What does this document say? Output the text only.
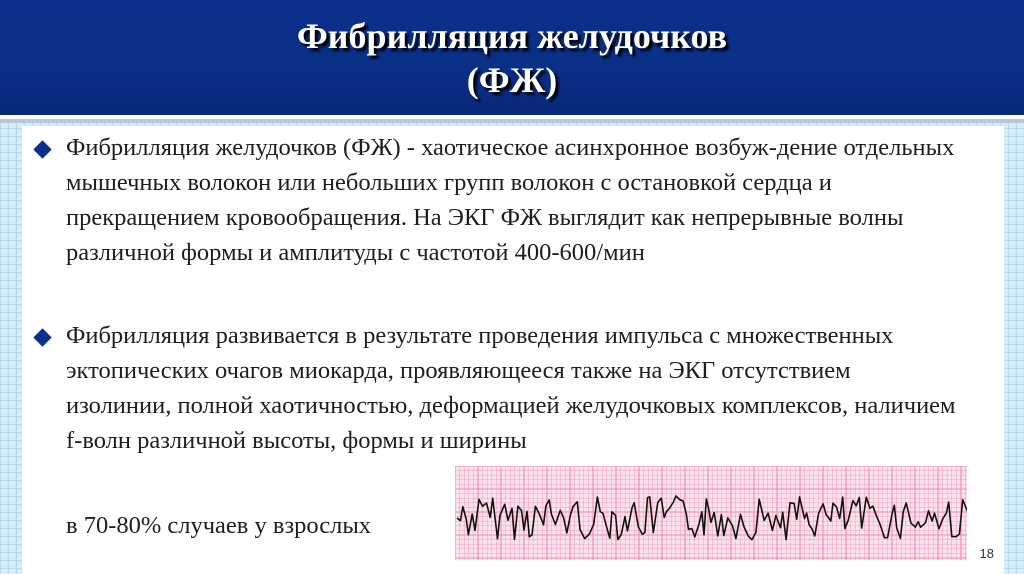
Фибрилляция желудочков
(ФЖ)
Фибрилляция желудочков (ФЖ) - хаотическое асинхронное возбуж-дение отдельных мышечных волокон или небольших групп волокон с остановкой сердца и прекращением кровообращения. На ЭКГ ФЖ выглядит как непрерывные волны различной формы и амплитуды с частотой 400-600/мин
Фибрилляция развивается в результате проведения импульса с множественных эктопических очагов миокарда, проявляющееся также на ЭКГ отсутствием изолинии, полной хаотичностью, деформацией желудочковых комплексов, наличием f-волн различной высоты, формы и ширины
в 70-80% случаев у взрослых
18
